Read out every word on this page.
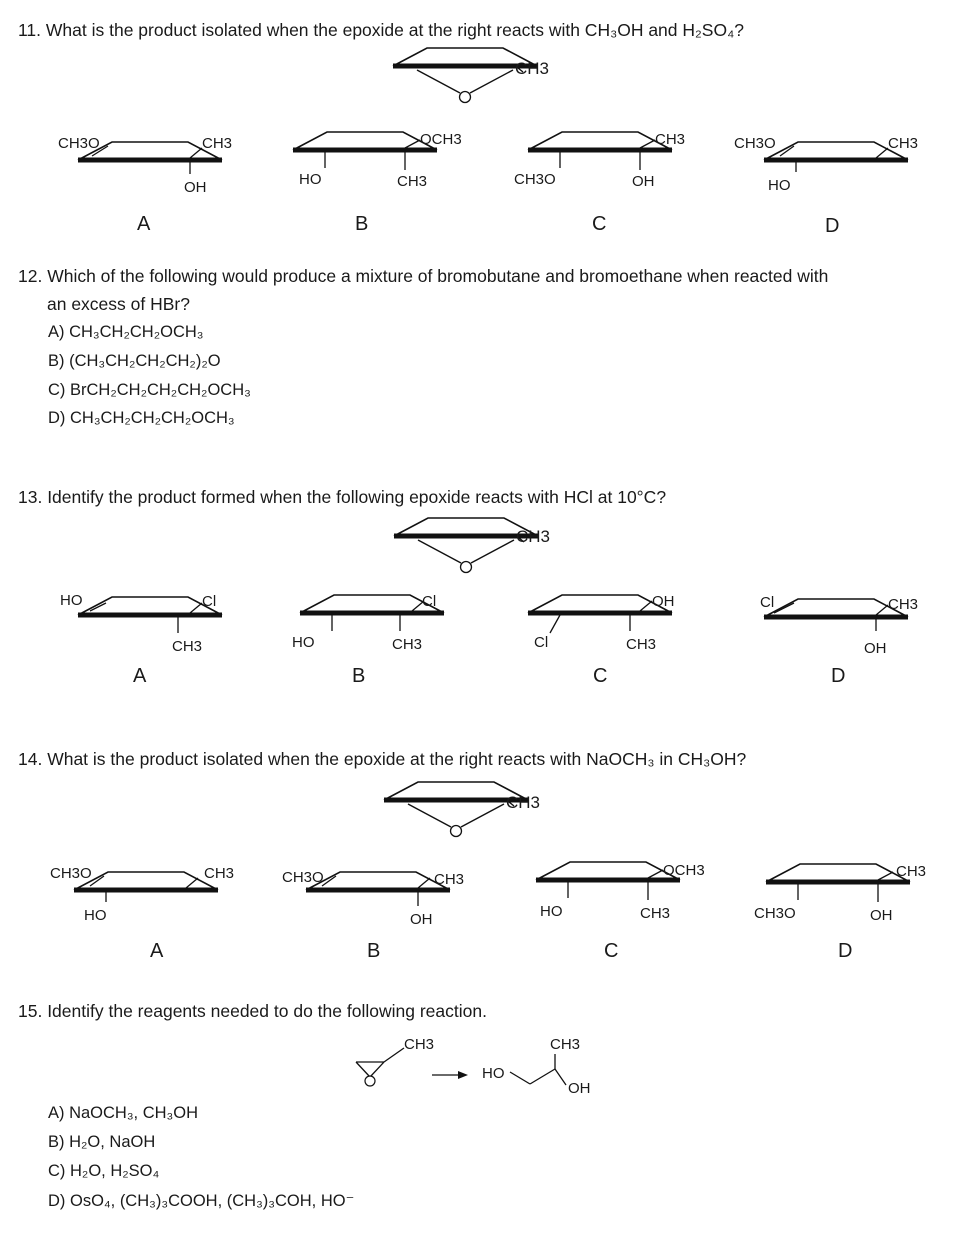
11. What is the product isolated when the epoxide at the right reacts with CH₃OH and H₂SO₄?
12. Which of the following would produce a mixture of bromobutane and bromoethane when reacted with
an excess of HBr?
A) CH₃CH₂CH₂OCH₃
B) (CH₃CH₂CH₂CH₂)₂O
C) BrCH₂CH₂CH₂CH₂OCH₃
D) CH₃CH₂CH₂CH₂OCH₃
13. Identify the product formed when the following epoxide reacts with HCl at 10°C?
14. What is the product isolated when the epoxide at the right reacts with NaOCH₃ in CH₃OH?
15. Identify the reagents needed to do the following reaction.
A) NaOCH₃, CH₃OH
B) H₂O, NaOH
C) H₂O, H₂SO₄
D) OsO₄, (CH₃)₃COOH, (CH₃)₃COH, HO⁻
CH3
CH3O	CH3
OH
A
HO
OCH3
CH3
B
CH3O
CH3
OH
C
CH3O
HO
CH3
D
CH3
HO	Cl
CH3
A
HO
Cl
CH3
B
Cl
OH
CH3
C
Cl	CH3
OH
D
CH3
CH3O
HO
CH3
A
CH3O	CH3
OH
B
HO
OCH3
CH3
C
CH3O
CH3
OH
D
CH3
HO
CH3
OH
